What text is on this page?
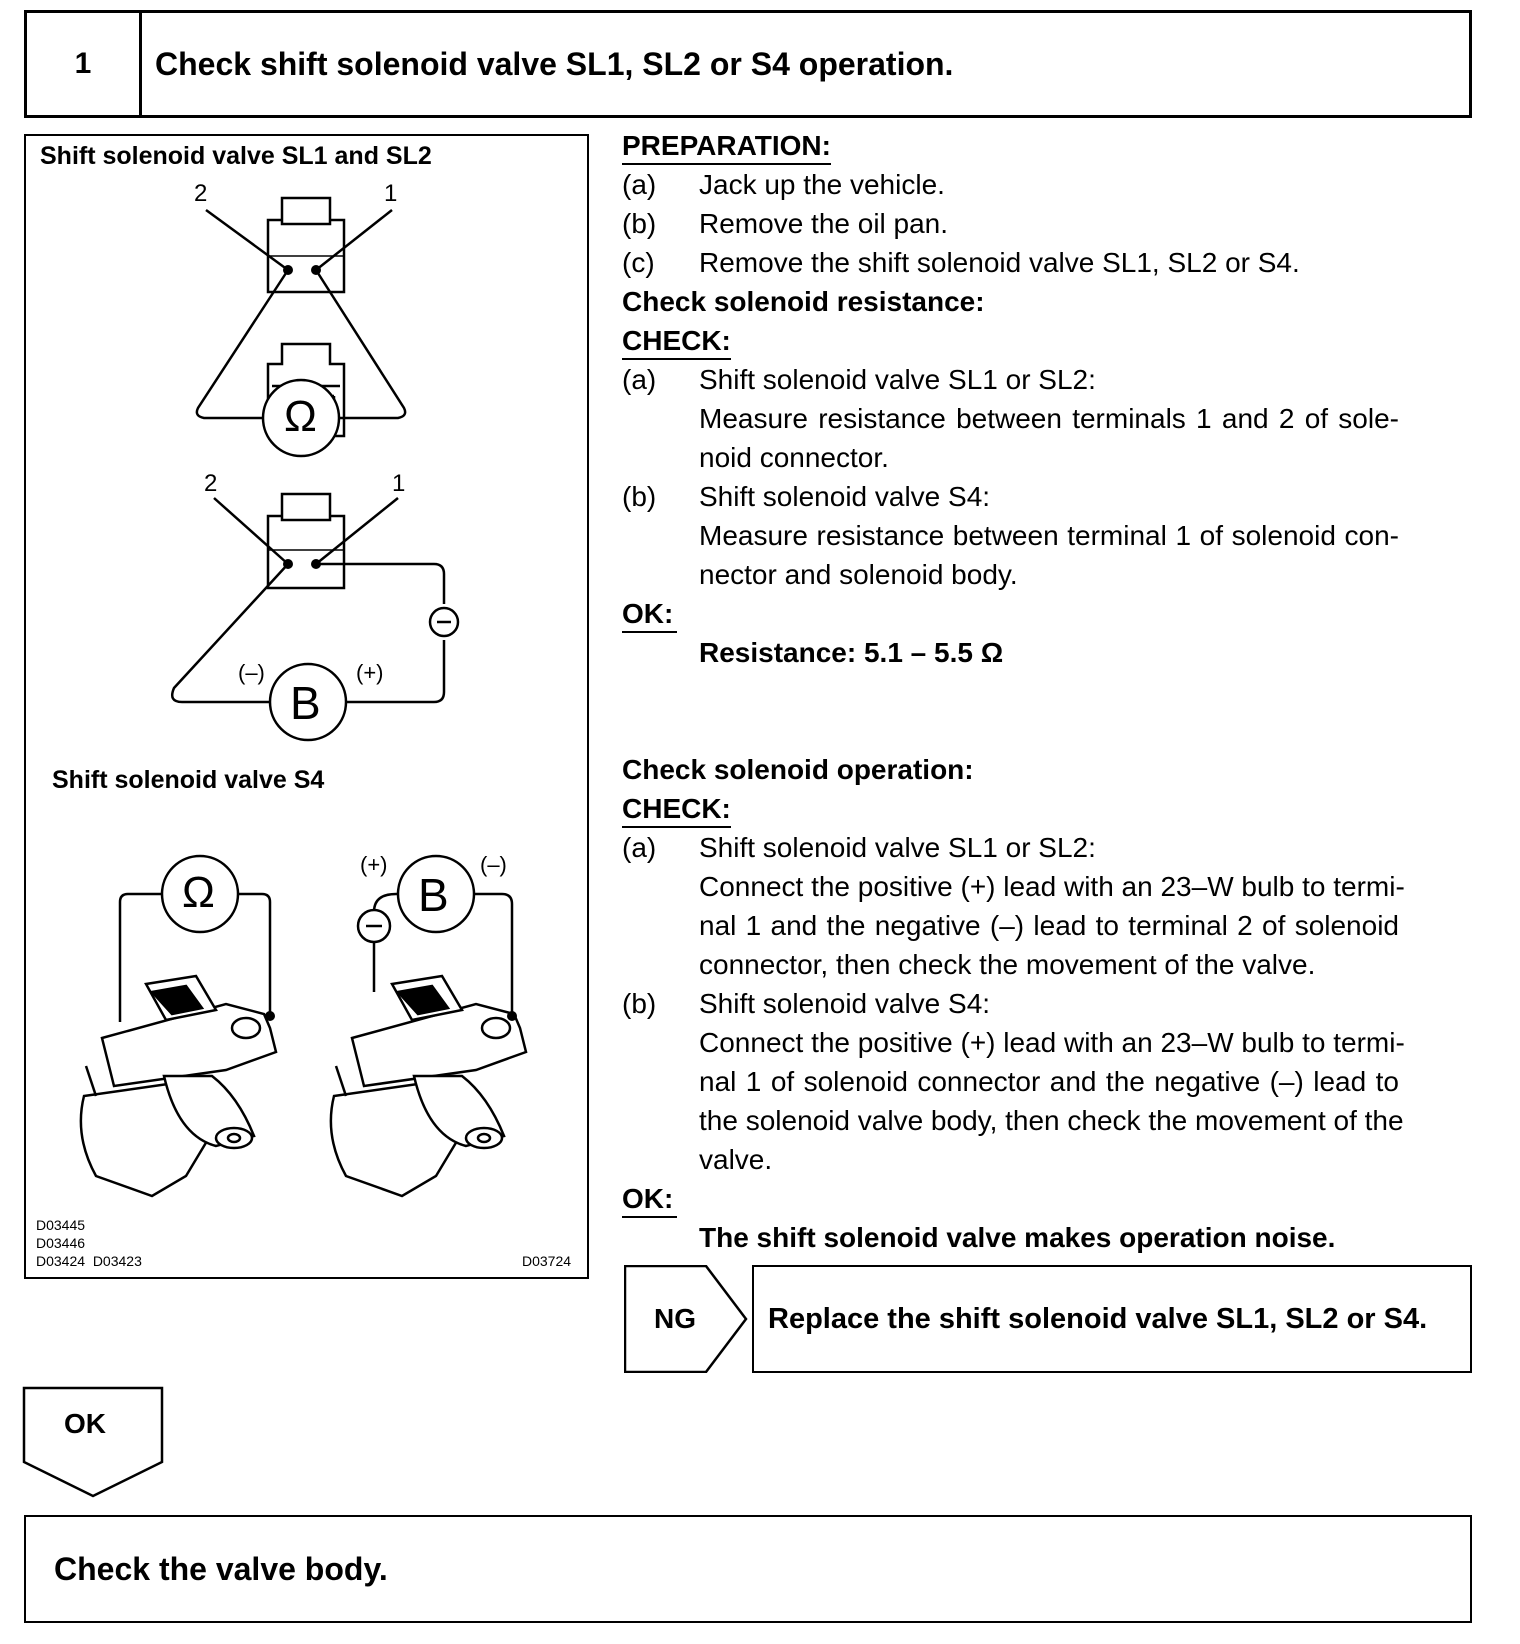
1	Check shift solenoid valve SL1, SL2 or S4 operation.
Shift solenoid valve SL1 and SL2
2	1
Ω
2	1
B
(–)	(+)
Shift solenoid valve S4
Ω	B
(+)	(–)
D03445
D03446
D03424  D03423	D03724
PREPARATION:
(a) Jack up the vehicle.
(b) Remove the oil pan.
(c) Remove the shift solenoid valve SL1, SL2 or S4.
Check solenoid resistance:
CHECK:
(a) Shift solenoid valve SL1 or SL2:
Measure resistance between terminals 1 and 2 of sole-
noid connector.
(b) Shift solenoid valve S4:
Measure resistance between terminal 1 of solenoid con-
nector and solenoid body.
OK:
Resistance: 5.1 – 5.5 Ω
Check solenoid operation:
CHECK:
(a) Shift solenoid valve SL1 or SL2:
Connect the positive (+) lead with an 23–W bulb to termi-
nal 1 and the negative (–) lead to terminal 2 of solenoid
connector, then check the movement of the valve.
(b) Shift solenoid valve S4:
Connect the positive (+) lead with an 23–W bulb to termi-
nal 1 of solenoid connector and the negative (–) lead to
the solenoid valve body, then check the movement of the
valve.
OK:
The shift solenoid valve makes operation noise.
NG Replace the shift solenoid valve SL1, SL2 or S4.
OK
Check the valve body.
